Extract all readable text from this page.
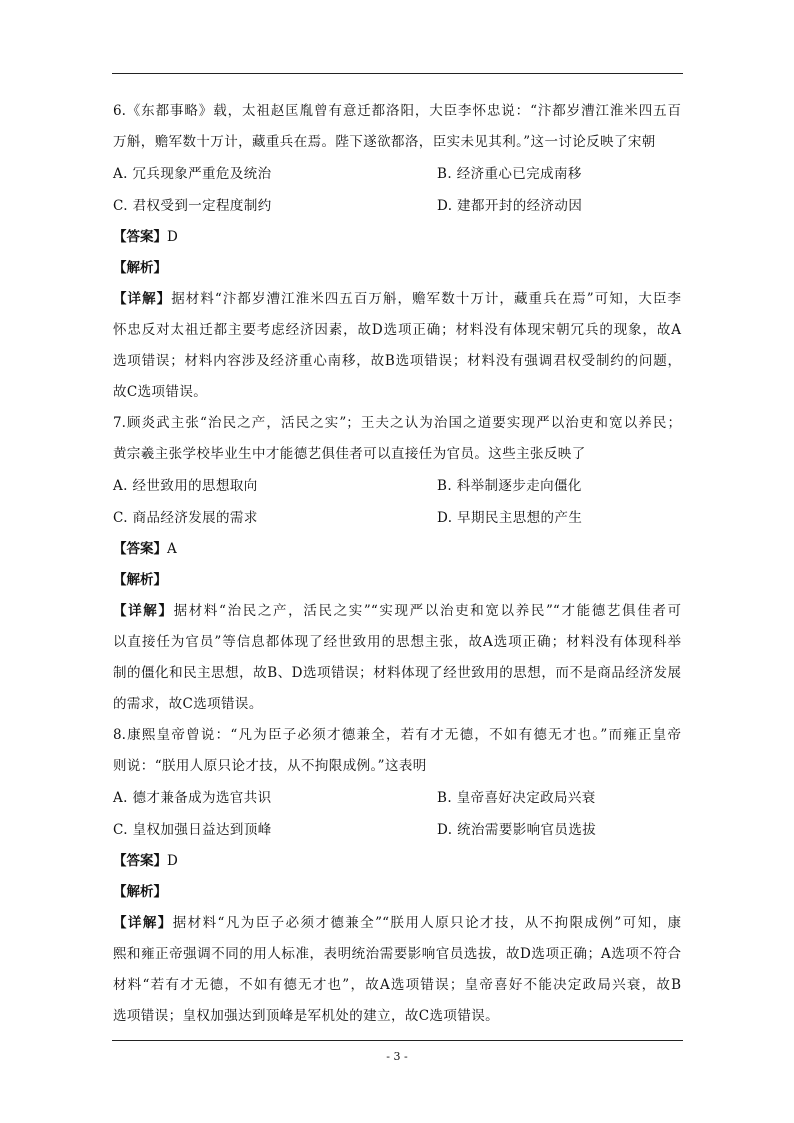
6.《东都事略》载，太祖赵匡胤曾有意迁都洛阳，大臣李怀忠说：“汴都岁漕江淮米四五百
万斛，赡军数十万计，藏重兵在焉。陛下遂欲都洛，臣实未见其利。”这一讨论反映了宋朝
A. 冗兵现象严重危及统治	B. 经济重心已完成南移
C. 君权受到一定程度制约	D. 建都开封的经济动因
【答案】D
【解析】
【详解】据材料“汴都岁漕江淮米四五百万斛，赡军数十万计，藏重兵在焉”可知，大臣李
怀忠反对太祖迁都主要考虑经济因素，故D选项正确；材料没有体现宋朝冗兵的现象，故A
选项错误；材料内容涉及经济重心南移，故B选项错误；材料没有强调君权受制约的问题，
故C选项错误。
7.顾炎武主张“治民之产，活民之实”；王夫之认为治国之道要实现严以治吏和宽以养民；
黄宗羲主张学校毕业生中才能德艺俱佳者可以直接任为官员。这些主张反映了
A. 经世致用的思想取向	B. 科举制逐步走向僵化
C. 商品经济发展的需求	D. 早期民主思想的产生
【答案】A
【解析】
【详解】据材料“治民之产，活民之实”“实现严以治吏和宽以养民”“才能德艺俱佳者可
以直接任为官员”等信息都体现了经世致用的思想主张，故A选项正确；材料没有体现科举
制的僵化和民主思想，故B、D选项错误；材料体现了经世致用的思想，而不是商品经济发展
的需求，故C选项错误。
8.康熙皇帝曾说：“凡为臣子必须才德兼全，若有才无德，不如有德无才也。”而雍正皇帝
则说：“朕用人原只论才技，从不拘限成例。”这表明
A. 德才兼备成为选官共识	B. 皇帝喜好决定政局兴衰
C. 皇权加强日益达到顶峰	D. 统治需要影响官员选拔
【答案】D
【解析】
【详解】据材料“凡为臣子必须才德兼全”“朕用人原只论才技，从不拘限成例”可知，康
熙和雍正帝强调不同的用人标准，表明统治需要影响官员选拔，故D选项正确；A选项不符合
材料“若有才无德，不如有德无才也”，故A选项错误；皇帝喜好不能决定政局兴衰，故B
选项错误；皇权加强达到顶峰是军机处的建立，故C选项错误。
- 3 -
